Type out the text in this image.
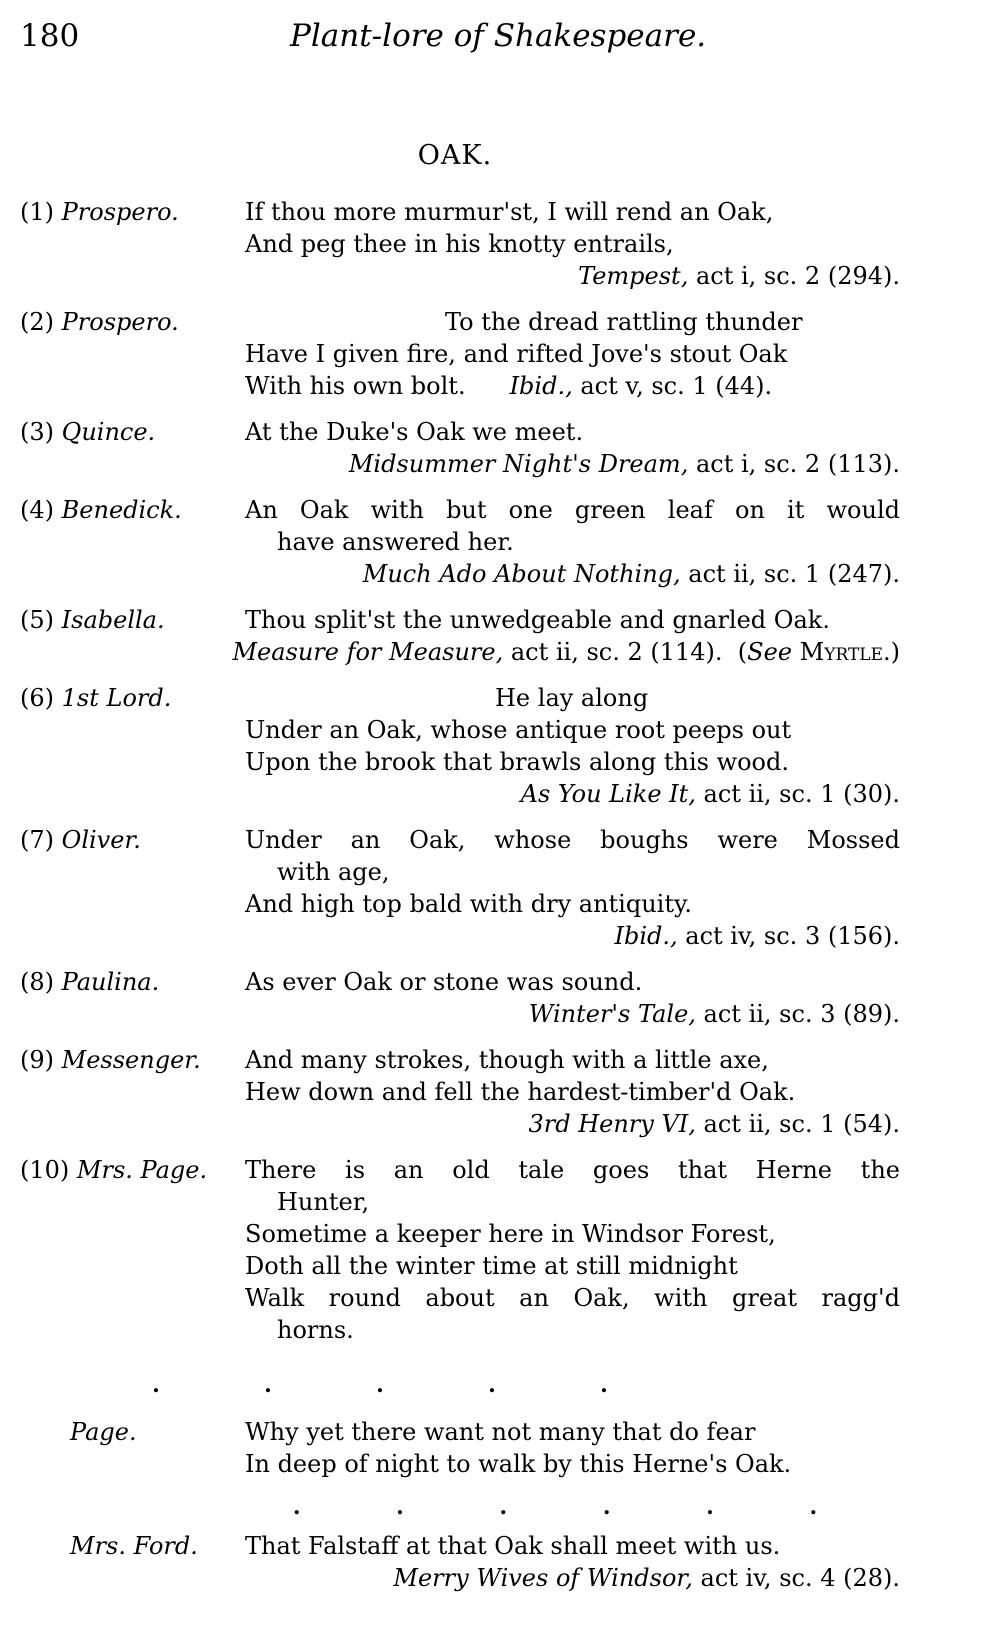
180	Plant-lore of Shakespeare.
OAK.
(1) Prospero.	If thou more murmur'st, I will rend an Oak,
And peg thee in his knotty entrails,
Tempest, act i, sc. 2 (294).
(2) Prospero.	To the dread rattling thunder
Have I given fire, and rifted Jove's stout Oak
With his own bolt. Ibid., act v, sc. 1 (44).
(3) Quince.	At the Duke's Oak we meet.
Midsummer Night's Dream, act i, sc. 2 (113).
(4) Benedick.	An Oak with but one green leaf on it would
have answered her.
Much Ado About Nothing, act ii, sc. 1 (247).
(5) Isabella.	Thou split'st the unwedgeable and gnarled Oak.
Measure for Measure, act ii, sc. 2 (114).  (See Myrtle.)
(6) 1st Lord.	He lay along
Under an Oak, whose antique root peeps out
Upon the brook that brawls along this wood.
As You Like It, act ii, sc. 1 (30).
(7) Oliver.	Under an Oak, whose boughs were Mossed
with age,
And high top bald with dry antiquity.
Ibid., act iv, sc. 3 (156).
(8) Paulina.	As ever Oak or stone was sound.
Winter's Tale, act ii, sc. 3 (89).
(9) Messenger. And many strokes, though with a little axe,
Hew down and fell the hardest-timber'd Oak.
3rd Henry VI, act ii, sc. 1 (54).
(10) Mrs. Page. There is an old tale goes that Herne the
Hunter,
Sometime a keeper here in Windsor Forest,
Doth all the winter time at still midnight
Walk round about an Oak, with great ragg'd
horns.
.	.	.	.	.
Page.	Why yet there want not many that do fear
In deep of night to walk by this Herne's Oak.
.	.	.	.	.	.
Mrs. Ford. That Falstaff at that Oak shall meet with us.
Merry Wives of Windsor, act iv, sc. 4 (28).
